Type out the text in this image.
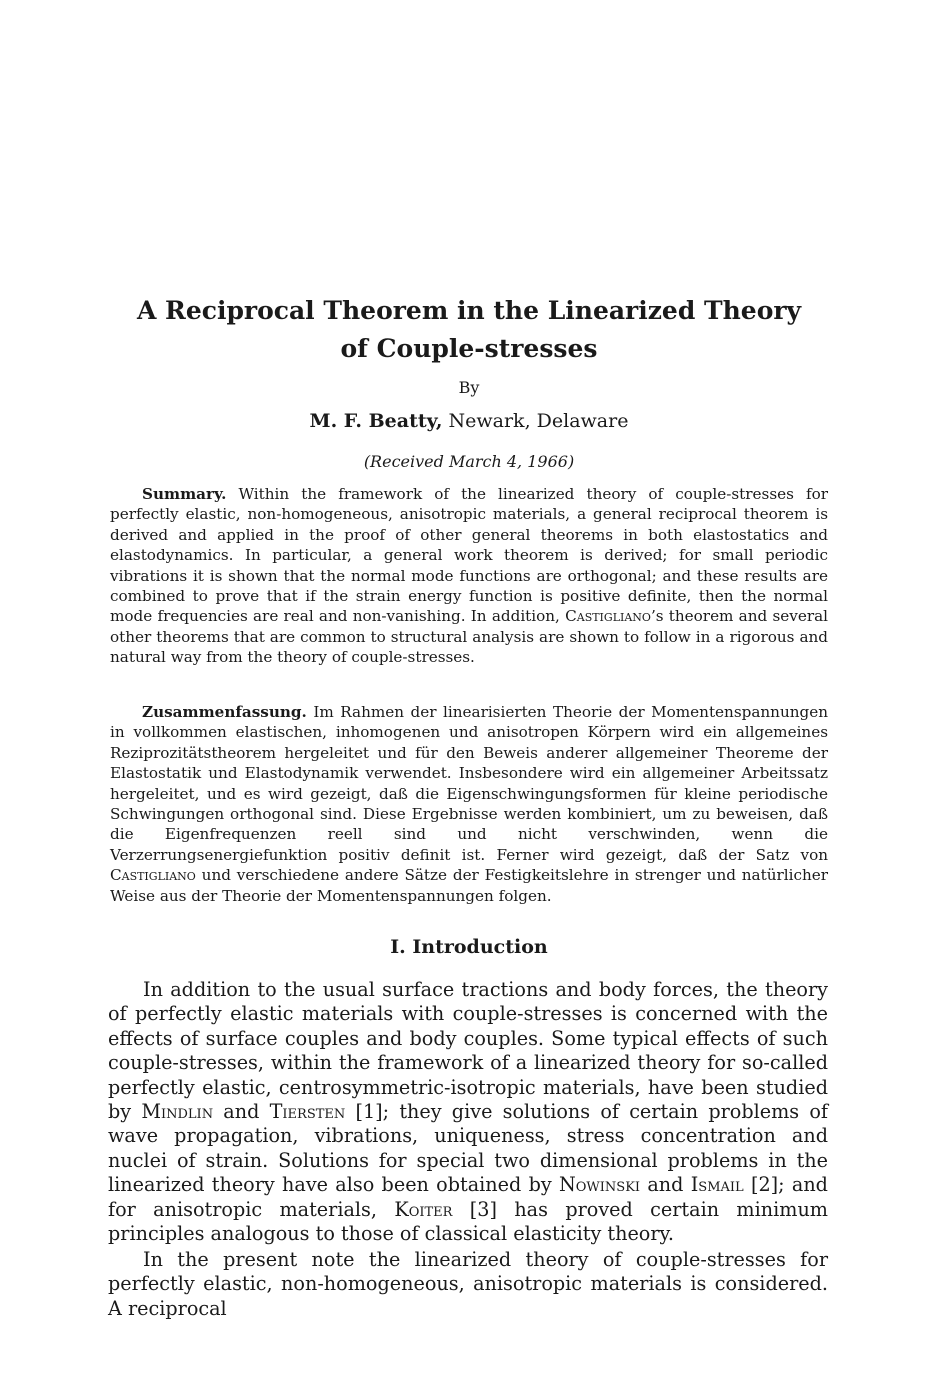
A Reciprocal Theorem in the Linearized Theory
of Couple-stresses
By
M. F. Beatty, Newark, Delaware
(Received March 4, 1966)

Summary. Within the framework of the linearized theory of couple-stresses for perfectly elastic, non-homogeneous, anisotropic materials, a general reciprocal theorem is derived and applied in the proof of other general theorems in both elastostatics and elastodynamics. In particular, a general work theorem is derived; for small periodic vibrations it is shown that the normal mode functions are orthogonal; and these results are combined to prove that if the strain energy function is positive definite, then the normal mode frequencies are real and non-vanishing. In addition, Castigliano’s theorem and several other theorems that are common to structural analysis are shown to follow in a rigorous and natural way from the theory of couple-stresses.

Zusammenfassung. Im Rahmen der linearisierten Theorie der Momentenspannungen in vollkommen elastischen, inhomogenen und anisotropen Körpern wird ein allgemeines Reziprozitätstheorem hergeleitet und für den Beweis anderer allgemeiner Theoreme der Elastostatik und Elastodynamik verwendet. Insbesondere wird ein allgemeiner Arbeitssatz hergeleitet, und es wird gezeigt, daß die Eigenschwingungsformen für kleine periodische Schwingungen orthogonal sind. Diese Ergebnisse werden kombiniert, um zu beweisen, daß die Eigenfrequenzen reell sind und nicht verschwinden, wenn die Verzerrungsenergiefunktion positiv definit ist. Ferner wird gezeigt, daß der Satz von Castigliano und verschiedene andere Sätze der Festigkeitslehre in strenger und natürlicher Weise aus der Theorie der Momentenspannungen folgen.

I. Introduction

In addition to the usual surface tractions and body forces, the theory of perfectly elastic materials with couple-stresses is concerned with the effects of surface couples and body couples. Some typical effects of such couple-stresses, within the framework of a linearized theory for so-called perfectly elastic, centrosymmetric-isotropic materials, have been studied by Mindlin and Tiersten [1]; they give solutions of certain problems of wave propagation, vibrations, uniqueness, stress concentration and nuclei of strain. Solutions for special two dimensional problems in the linearized theory have also been obtained by Nowinski and Ismail [2]; and for anisotropic materials, Koiter [3] has proved certain minimum principles analogous to those of classical elasticity theory.

In the present note the linearized theory of couple-stresses for perfectly elastic, non-homogeneous, anisotropic materials is considered. A reciprocal
